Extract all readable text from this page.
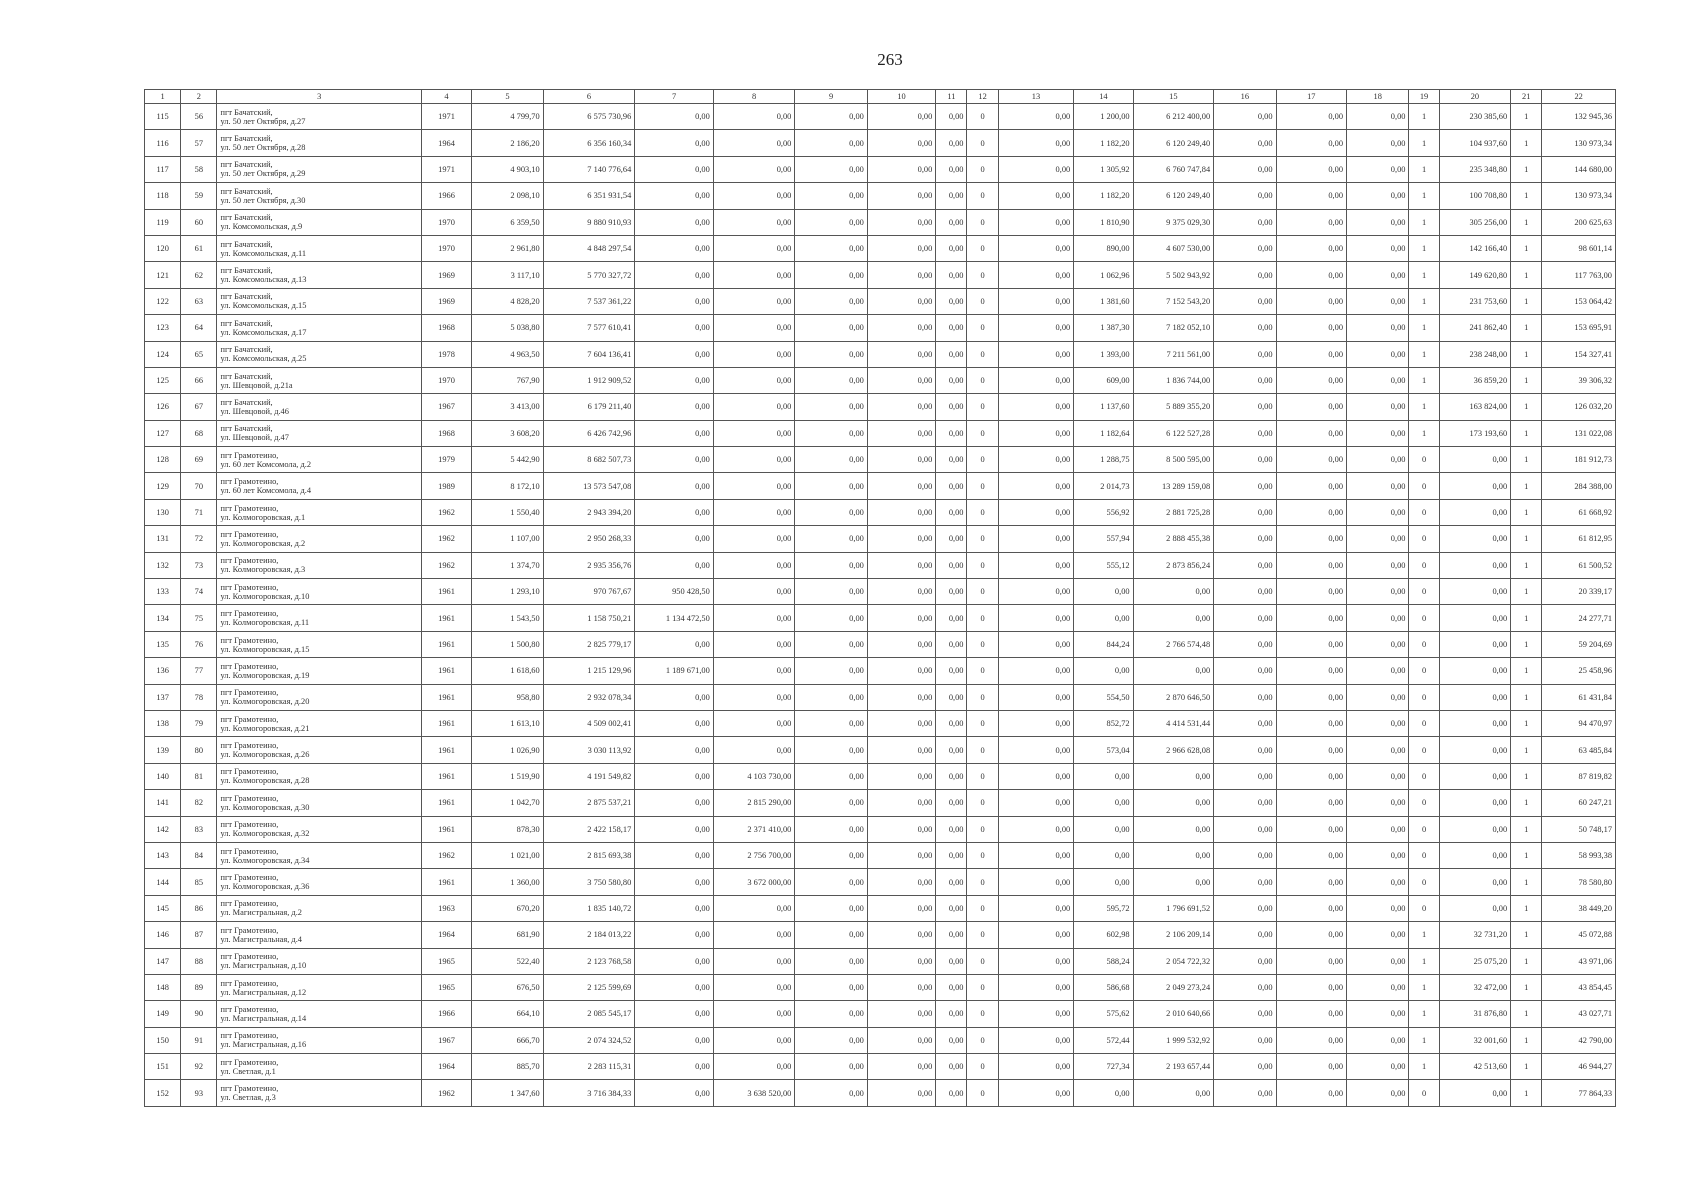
263
1	2	3	4	5	6	7	8	9	10	11	12	13	14	15	16	17	18	19	20	21	22
115	56	пгт Бачатский,
ул. 50 лет Октября, д.27	1971	4 799,70	6 575 730,96	0,00	0,00	0,00	0,00	0,00	0	0,00	1 200,00	6 212 400,00	0,00	0,00	0,00	1	230 385,60	1	132 945,36
116	57	пгт Бачатский,
ул. 50 лет Октября, д.28	1964	2 186,20	6 356 160,34	0,00	0,00	0,00	0,00	0,00	0	0,00	1 182,20	6 120 249,40	0,00	0,00	0,00	1	104 937,60	1	130 973,34
117	58	пгт Бачатский,
ул. 50 лет Октября, д.29	1971	4 903,10	7 140 776,64	0,00	0,00	0,00	0,00	0,00	0	0,00	1 305,92	6 760 747,84	0,00	0,00	0,00	1	235 348,80	1	144 680,00
118	59	пгт Бачатский,
ул. 50 лет Октября, д.30	1966	2 098,10	6 351 931,54	0,00	0,00	0,00	0,00	0,00	0	0,00	1 182,20	6 120 249,40	0,00	0,00	0,00	1	100 708,80	1	130 973,34
119	60	пгт Бачатский,
ул. Комсомольская, д.9	1970	6 359,50	9 880 910,93	0,00	0,00	0,00	0,00	0,00	0	0,00	1 810,90	9 375 029,30	0,00	0,00	0,00	1	305 256,00	1	200 625,63
120	61	пгт Бачатский,
ул. Комсомольская, д.11	1970	2 961,80	4 848 297,54	0,00	0,00	0,00	0,00	0,00	0	0,00	890,00	4 607 530,00	0,00	0,00	0,00	1	142 166,40	1	98 601,14
121	62	пгт Бачатский,
ул. Комсомольская, д.13	1969	3 117,10	5 770 327,72	0,00	0,00	0,00	0,00	0,00	0	0,00	1 062,96	5 502 943,92	0,00	0,00	0,00	1	149 620,80	1	117 763,00
122	63	пгт Бачатский,
ул. Комсомольская, д.15	1969	4 828,20	7 537 361,22	0,00	0,00	0,00	0,00	0,00	0	0,00	1 381,60	7 152 543,20	0,00	0,00	0,00	1	231 753,60	1	153 064,42
123	64	пгт Бачатский,
ул. Комсомольская, д.17	1968	5 038,80	7 577 610,41	0,00	0,00	0,00	0,00	0,00	0	0,00	1 387,30	7 182 052,10	0,00	0,00	0,00	1	241 862,40	1	153 695,91
124	65	пгт Бачатский,
ул. Комсомольская, д.25	1978	4 963,50	7 604 136,41	0,00	0,00	0,00	0,00	0,00	0	0,00	1 393,00	7 211 561,00	0,00	0,00	0,00	1	238 248,00	1	154 327,41
125	66	пгт Бачатский,
ул. Шевцовой, д.21а	1970	767,90	1 912 909,52	0,00	0,00	0,00	0,00	0,00	0	0,00	609,00	1 836 744,00	0,00	0,00	0,00	1	36 859,20	1	39 306,32
126	67	пгт Бачатский,
ул. Шевцовой, д.46	1967	3 413,00	6 179 211,40	0,00	0,00	0,00	0,00	0,00	0	0,00	1 137,60	5 889 355,20	0,00	0,00	0,00	1	163 824,00	1	126 032,20
127	68	пгт Бачатский,
ул. Шевцовой, д.47	1968	3 608,20	6 426 742,96	0,00	0,00	0,00	0,00	0,00	0	0,00	1 182,64	6 122 527,28	0,00	0,00	0,00	1	173 193,60	1	131 022,08
128	69	пгт Грамотеино,
ул. 60 лет Комсомола, д.2	1979	5 442,90	8 682 507,73	0,00	0,00	0,00	0,00	0,00	0	0,00	1 288,75	8 500 595,00	0,00	0,00	0,00	0	0,00	1	181 912,73
129	70	пгт Грамотеино,
ул. 60 лет Комсомола, д.4	1989	8 172,10	13 573 547,08	0,00	0,00	0,00	0,00	0,00	0	0,00	2 014,73	13 289 159,08	0,00	0,00	0,00	0	0,00	1	284 388,00
130	71	пгт Грамотеино,
ул. Колмогоровская, д.1	1962	1 550,40	2 943 394,20	0,00	0,00	0,00	0,00	0,00	0	0,00	556,92	2 881 725,28	0,00	0,00	0,00	0	0,00	1	61 668,92
131	72	пгт Грамотеино,
ул. Колмогоровская, д.2	1962	1 107,00	2 950 268,33	0,00	0,00	0,00	0,00	0,00	0	0,00	557,94	2 888 455,38	0,00	0,00	0,00	0	0,00	1	61 812,95
132	73	пгт Грамотеино,
ул. Колмогоровская, д.3	1962	1 374,70	2 935 356,76	0,00	0,00	0,00	0,00	0,00	0	0,00	555,12	2 873 856,24	0,00	0,00	0,00	0	0,00	1	61 500,52
133	74	пгт Грамотеино,
ул. Колмогоровская, д.10	1961	1 293,10	970 767,67	950 428,50	0,00	0,00	0,00	0,00	0	0,00	0,00	0,00	0,00	0,00	0,00	0	0,00	1	20 339,17
134	75	пгт Грамотеино,
ул. Колмогоровская, д.11	1961	1 543,50	1 158 750,21	1 134 472,50	0,00	0,00	0,00	0,00	0	0,00	0,00	0,00	0,00	0,00	0,00	0	0,00	1	24 277,71
135	76	пгт Грамотеино,
ул. Колмогоровская, д.15	1961	1 500,80	2 825 779,17	0,00	0,00	0,00	0,00	0,00	0	0,00	844,24	2 766 574,48	0,00	0,00	0,00	0	0,00	1	59 204,69
136	77	пгт Грамотеино,
ул. Колмогоровская, д.19	1961	1 618,60	1 215 129,96	1 189 671,00	0,00	0,00	0,00	0,00	0	0,00	0,00	0,00	0,00	0,00	0,00	0	0,00	1	25 458,96
137	78	пгт Грамотеино,
ул. Колмогоровская, д.20	1961	958,80	2 932 078,34	0,00	0,00	0,00	0,00	0,00	0	0,00	554,50	2 870 646,50	0,00	0,00	0,00	0	0,00	1	61 431,84
138	79	пгт Грамотеино,
ул. Колмогоровская, д.21	1961	1 613,10	4 509 002,41	0,00	0,00	0,00	0,00	0,00	0	0,00	852,72	4 414 531,44	0,00	0,00	0,00	0	0,00	1	94 470,97
139	80	пгт Грамотеино,
ул. Колмогоровская, д.26	1961	1 026,90	3 030 113,92	0,00	0,00	0,00	0,00	0,00	0	0,00	573,04	2 966 628,08	0,00	0,00	0,00	0	0,00	1	63 485,84
140	81	пгт Грамотеино,
ул. Колмогоровская, д.28	1961	1 519,90	4 191 549,82	0,00	4 103 730,00	0,00	0,00	0,00	0	0,00	0,00	0,00	0,00	0,00	0,00	0	0,00	1	87 819,82
141	82	пгт Грамотеино,
ул. Колмогоровская, д.30	1961	1 042,70	2 875 537,21	0,00	2 815 290,00	0,00	0,00	0,00	0	0,00	0,00	0,00	0,00	0,00	0,00	0	0,00	1	60 247,21
142	83	пгт Грамотеино,
ул. Колмогоровская, д.32	1961	878,30	2 422 158,17	0,00	2 371 410,00	0,00	0,00	0,00	0	0,00	0,00	0,00	0,00	0,00	0,00	0	0,00	1	50 748,17
143	84	пгт Грамотеино,
ул. Колмогоровская, д.34	1962	1 021,00	2 815 693,38	0,00	2 756 700,00	0,00	0,00	0,00	0	0,00	0,00	0,00	0,00	0,00	0,00	0	0,00	1	58 993,38
144	85	пгт Грамотеино,
ул. Колмогоровская, д.36	1961	1 360,00	3 750 580,80	0,00	3 672 000,00	0,00	0,00	0,00	0	0,00	0,00	0,00	0,00	0,00	0,00	0	0,00	1	78 580,80
145	86	пгт Грамотеино,
ул. Магистральная, д.2	1963	670,20	1 835 140,72	0,00	0,00	0,00	0,00	0,00	0	0,00	595,72	1 796 691,52	0,00	0,00	0,00	0	0,00	1	38 449,20
146	87	пгт Грамотеино,
ул. Магистральная, д.4	1964	681,90	2 184 013,22	0,00	0,00	0,00	0,00	0,00	0	0,00	602,98	2 106 209,14	0,00	0,00	0,00	1	32 731,20	1	45 072,88
147	88	пгт Грамотеино,
ул. Магистральная, д.10	1965	522,40	2 123 768,58	0,00	0,00	0,00	0,00	0,00	0	0,00	588,24	2 054 722,32	0,00	0,00	0,00	1	25 075,20	1	43 971,06
148	89	пгт Грамотеино,
ул. Магистральная, д.12	1965	676,50	2 125 599,69	0,00	0,00	0,00	0,00	0,00	0	0,00	586,68	2 049 273,24	0,00	0,00	0,00	1	32 472,00	1	43 854,45
149	90	пгт Грамотеино,
ул. Магистральная, д.14	1966	664,10	2 085 545,17	0,00	0,00	0,00	0,00	0,00	0	0,00	575,62	2 010 640,66	0,00	0,00	0,00	1	31 876,80	1	43 027,71
150	91	пгт Грамотеино,
ул. Магистральная, д.16	1967	666,70	2 074 324,52	0,00	0,00	0,00	0,00	0,00	0	0,00	572,44	1 999 532,92	0,00	0,00	0,00	1	32 001,60	1	42 790,00
151	92	пгт Грамотеино,
ул. Светлая, д.1	1964	885,70	2 283 115,31	0,00	0,00	0,00	0,00	0,00	0	0,00	727,34	2 193 657,44	0,00	0,00	0,00	1	42 513,60	1	46 944,27
152	93	пгт Грамотеино,
ул. Светлая, д.3	1962	1 347,60	3 716 384,33	0,00	3 638 520,00	0,00	0,00	0,00	0	0,00	0,00	0,00	0,00	0,00	0,00	0	0,00	1	77 864,33
